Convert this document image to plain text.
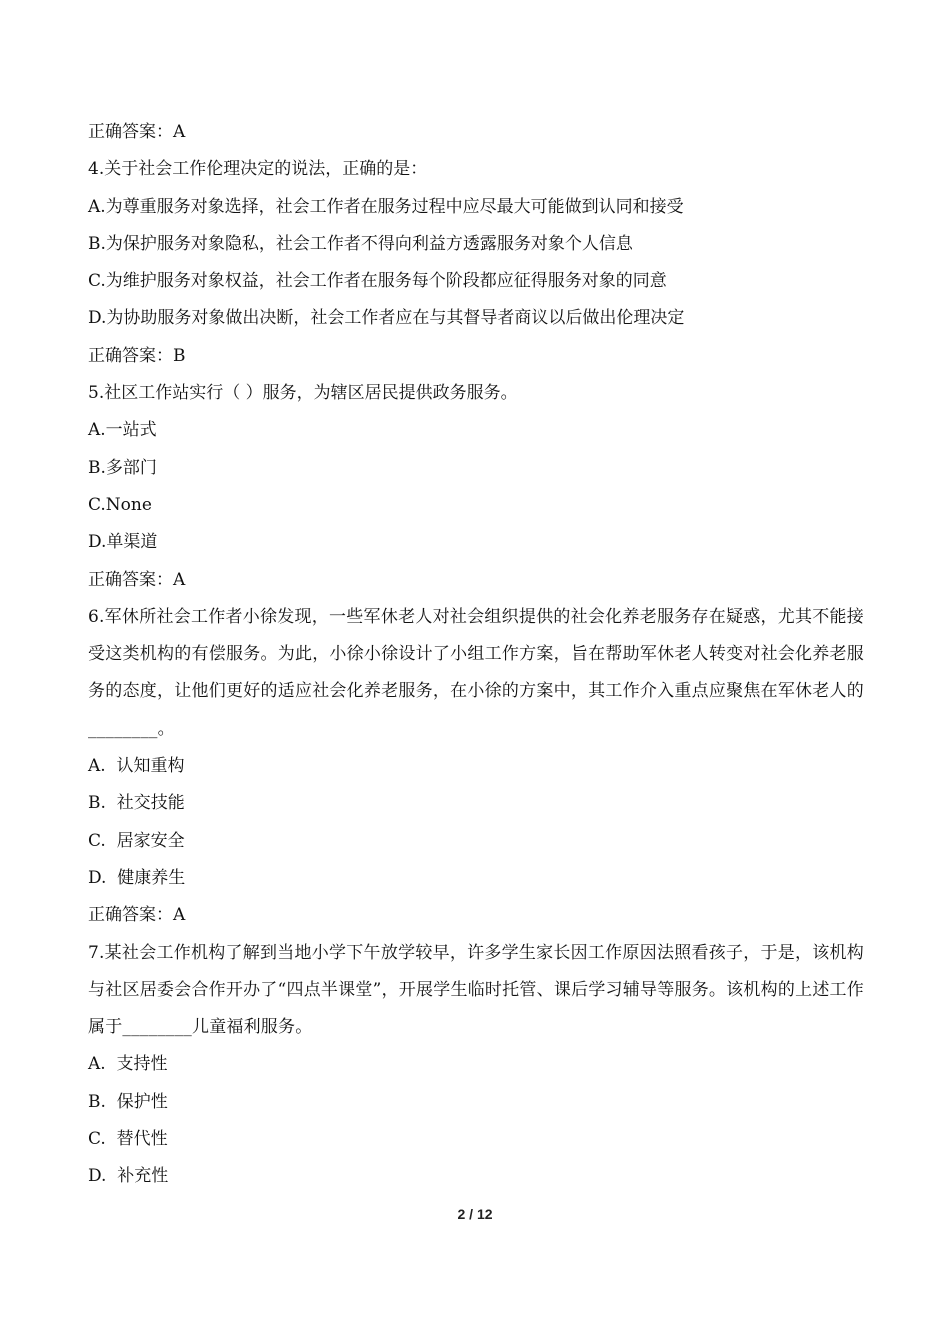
正确答案：A

4.关于社会工作伦理决定的说法，正确的是：

A.为尊重服务对象选择，社会工作者在服务过程中应尽最大可能做到认同和接受

B.为保护服务对象隐私，社会工作者不得向利益方透露服务对象个人信息

C.为维护服务对象权益，社会工作者在服务每个阶段都应征得服务对象的同意

D.为协助服务对象做出决断，社会工作者应在与其督导者商议以后做出伦理决定

正确答案：B

5.社区工作站实行（ ）服务，为辖区居民提供政务服务。

A.一站式

B.多部门

C.None

D.单渠道

正确答案：A

6.军休所社会工作者小徐发现，一些军休老人对社会组织提供的社会化养老服务存在疑惑，尤其不能接受这类机构的有偿服务。为此，小徐小徐设计了小组工作方案，旨在帮助军休老人转变对社会化养老服务的态度，让他们更好的适应社会化养老服务，在小徐的方案中，其工作介入重点应聚焦在军休老人的________。

A.  认知重构

B.  社交技能

C.  居家安全

D.  健康养生

正确答案：A

7.某社会工作机构了解到当地小学下午放学较早，许多学生家长因工作原因法照看孩子，于是，该机构与社区居委会合作开办了“四点半课堂”，开展学生临时托管、课后学习辅导等服务。该机构的上述工作属于________儿童福利服务。

A.  支持性

B.  保护性

C.  替代性

D.  补充性

2 / 12
